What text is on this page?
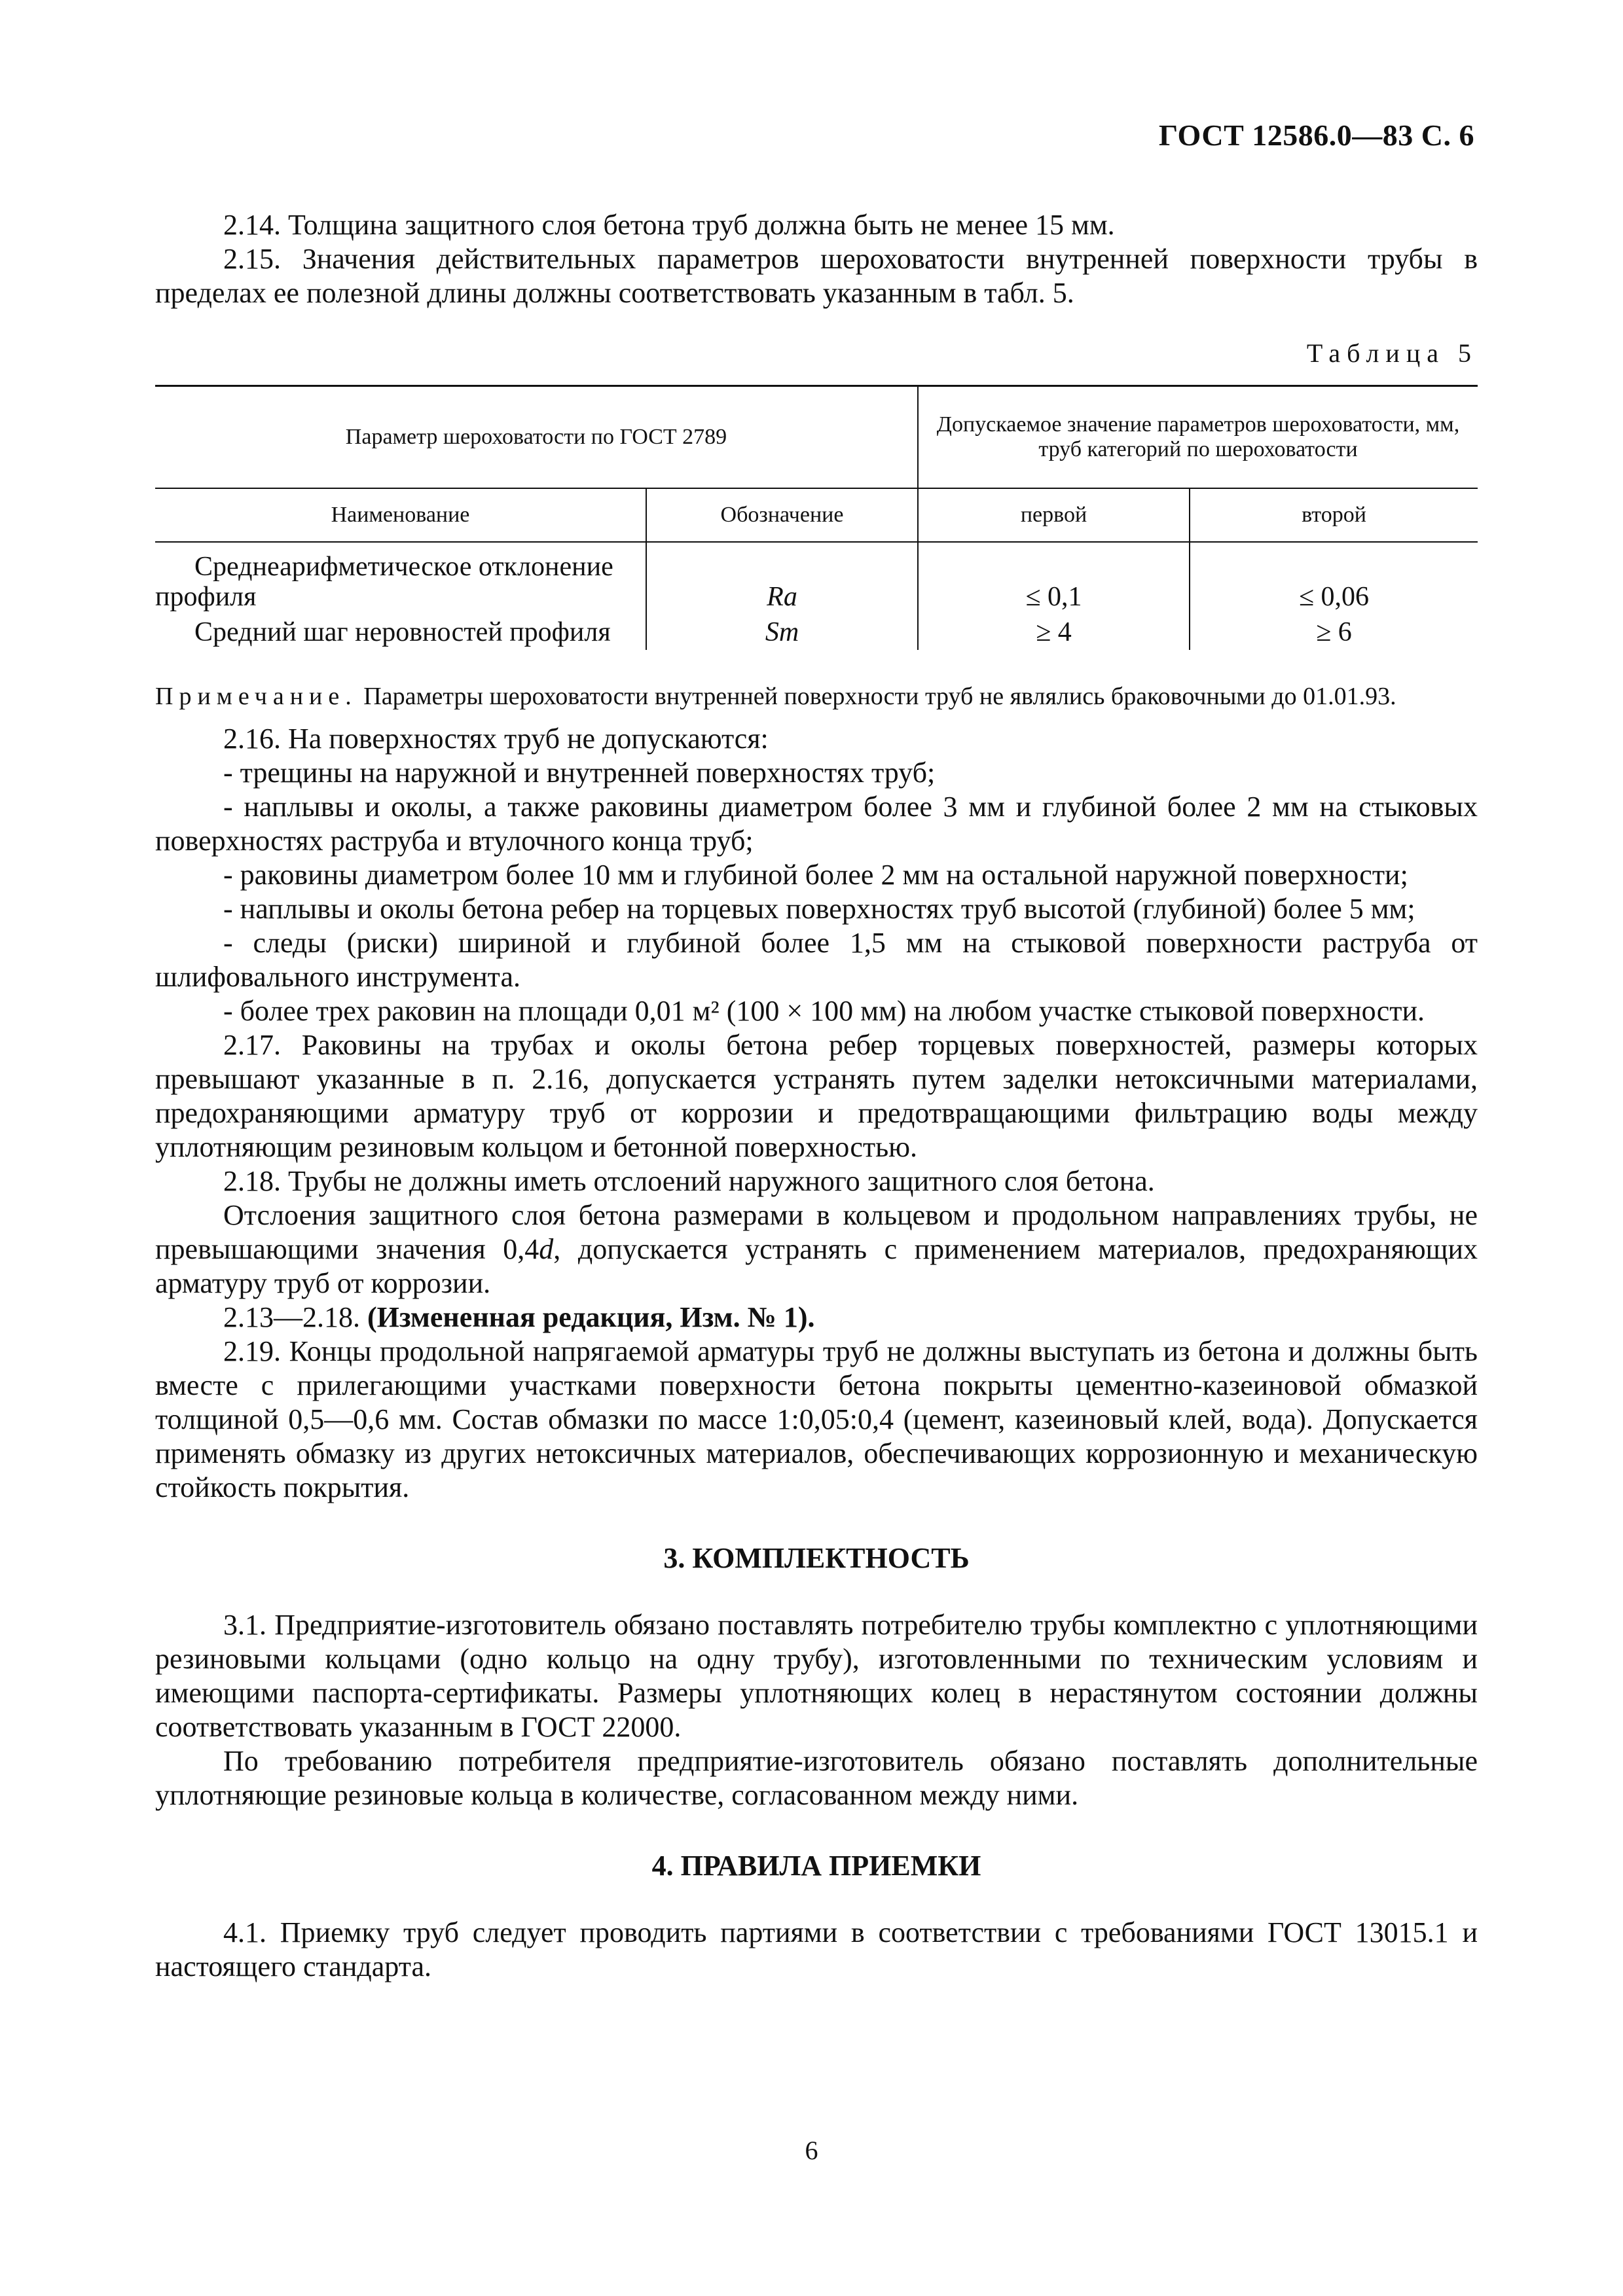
ГОСТ 12586.0—83 С. 6

2.14. Толщина защитного слоя бетона труб должна быть не менее 15 мм.

2.15. Значения действительных параметров шероховатости внутренней поверхности трубы в пределах ее полезной длины должны соответствовать указанным в табл. 5.

Таблица 5
Параметр шероховатости по ГОСТ 2789		Допускаемое значение параметров шероховатости, мм, труб категорий по шероховатости	
Наименование	Обозначение	первой	второй

Среднеарифметическое отклонение
профиля	Ra	≤ 0,1	≤ 0,06

Средний шаг неровностей профиля	Sm	≥ 4	≥ 6

Примечание. Параметры шероховатости внутренней поверхности труб не являлись браковочными до 01.01.93.

2.16. На поверхностях труб не допускаются:

- трещины на наружной и внутренней поверхностях труб;

- наплывы и околы, а также раковины диаметром более 3 мм и глубиной более 2 мм на стыковых поверхностях раструба и втулочного конца труб;

- раковины диаметром более 10 мм и глубиной более 2 мм на остальной наружной поверхности;

- наплывы и околы бетона ребер на торцевых поверхностях труб высотой (глубиной) более 5 мм;

- следы (риски) шириной и глубиной более 1,5 мм на стыковой поверхности раструба от шлифовального инструмента.

- более трех раковин на площади 0,01 м² (100 × 100 мм) на любом участке стыковой поверхности.

2.17. Раковины на трубах и околы бетона ребер торцевых поверхностей, размеры которых превышают указанные в п. 2.16, допускается устранять путем заделки нетоксичными материалами, предохраняющими арматуру труб от коррозии и предотвращающими фильтрацию воды между уплотняющим резиновым кольцом и бетонной поверхностью.

2.18. Трубы не должны иметь отслоений наружного защитного слоя бетона.

Отслоения защитного слоя бетона размерами в кольцевом и продольном направлениях трубы, не превышающими значения 0,4d, допускается устранять с применением материалов, предохраняющих арматуру труб от коррозии.

2.13—2.18. (Измененная редакция, Изм. № 1).

2.19. Концы продольной напрягаемой арматуры труб не должны выступать из бетона и должны быть вместе с прилегающими участками поверхности бетона покрыты цементно-казеиновой обмазкой толщиной 0,5—0,6 мм. Состав обмазки по массе 1:0,05:0,4 (цемент, казеиновый клей, вода). Допускается применять обмазку из других нетоксичных материалов, обеспечивающих коррозионную и механическую стойкость покрытия.

3. КОМПЛЕКТНОСТЬ

3.1. Предприятие-изготовитель обязано поставлять потребителю трубы комплектно с уплотняющими резиновыми кольцами (одно кольцо на одну трубу), изготовленными по техническим условиям и имеющими паспорта-сертификаты. Размеры уплотняющих колец в нерастянутом состоянии должны соответствовать указанным в ГОСТ 22000.

По требованию потребителя предприятие-изготовитель обязано поставлять дополнительные уплотняющие резиновые кольца в количестве, согласованном между ними.

4. ПРАВИЛА ПРИЕМКИ

4.1. Приемку труб следует проводить партиями в соответствии с требованиями ГОСТ 13015.1 и настоящего стандарта.

6
